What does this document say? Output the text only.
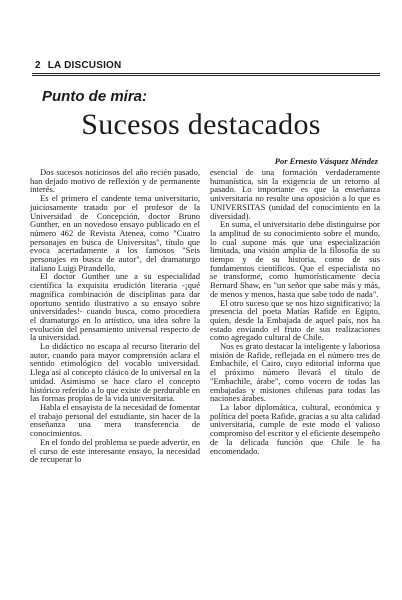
2 LA DISCUSION
Punto de mira:
Sucesos destacados
Por Ernesto Vásquez Méndez

Dos sucesos noticiosos del año recién pasado, han dejado motivo de reflexión y de permanente interés.

Es el primero el candente tema universitario, juiciosamente tratado por el profesor de la Universidad de Concepción, doctor Bruno Gunther, en un novedoso ensayo publicado en el número 462 de Revista Atenea, como "Cuatro personajes en busca de Universitas", título que evoca acertadamente a los famosos "Seis personajes en busca de autor", del dramaturgo italiano Luigi Pirandello.

El doctor Gunther une a su especialidad científica la exquisita erudición literaria -¡qué magnífica combinación de disciplinas para dar oportuno sentido ilustrativo a su ensayo sobre universidades!- cuando busca, como procediera el dramaturgo en lo artístico, una idea sobre la evolución del pensamiento universal respecto de la universidad.

Lo didáctico no escapa al recurso literario del autor, cuando para mayor comprensión aclara el sentido etimológico del vocablo universidad. Llega así al concepto clásico de lo universal en la unidad. Asimismo se hace claro el concepto histórico referido a lo que existe de perdurable en las formas propias de la vida universitaria.

Habla el ensayista de la necesidad de fomentar el trabajo personal del estudiante, sin hacer de la enseñanza una mera transferencia de conocimientos.

En el fondo del problema se puede advertir, en el curso de este interesante ensayo, la necesidad de recuperar lo

esencial de una formación verdaderamente humanística, sin la exigencia de un retorno al pasado. Lo importante es que la enseñanza universitaria no resulte una oposición a lo que es UNIVERSITAS (unidad del conocimiento en la diversidad).

En suma, el universitario debe distinguirse por la amplitud de su conocimiento sobre el mundo, lo cual supone más que una especialización limitada, una visión amplia de la filosofía de su tiempo y de su historia, como de sus fundamentos científicos. Que el especialista no se transforme, como humorísticamente decía Bernard Shaw, en "un señor que sabe más y más, de menos y menos, hasta que sabe todo de nada".

El otro suceso que se nos hizo significativo; la presencia del poeta Matías Rafide en Egipto, quien, desde la Embajada de aquel país, nos ha estado enviando el fruto de sus realizaciones como agregado cultural de Chile.

Nos es grato destacar la inteligente y laboriosa misión de Rafide, reflejada en el número tres de Embachile, el Cairo, cuyo editorial informa que el próximo número llevará el título de "Embachile, árabe", como vocero de todas las embajadas y misiones chilenas para todas las naciones árabes.

La labor diplomática, cultural, económica y política del poeta Rafide, gracias a su alta calidad universitaria, cumple de este modo el valioso compromiso del escritor y el eficiente desempeño de la delicada función que Chile le ha encomendado.
